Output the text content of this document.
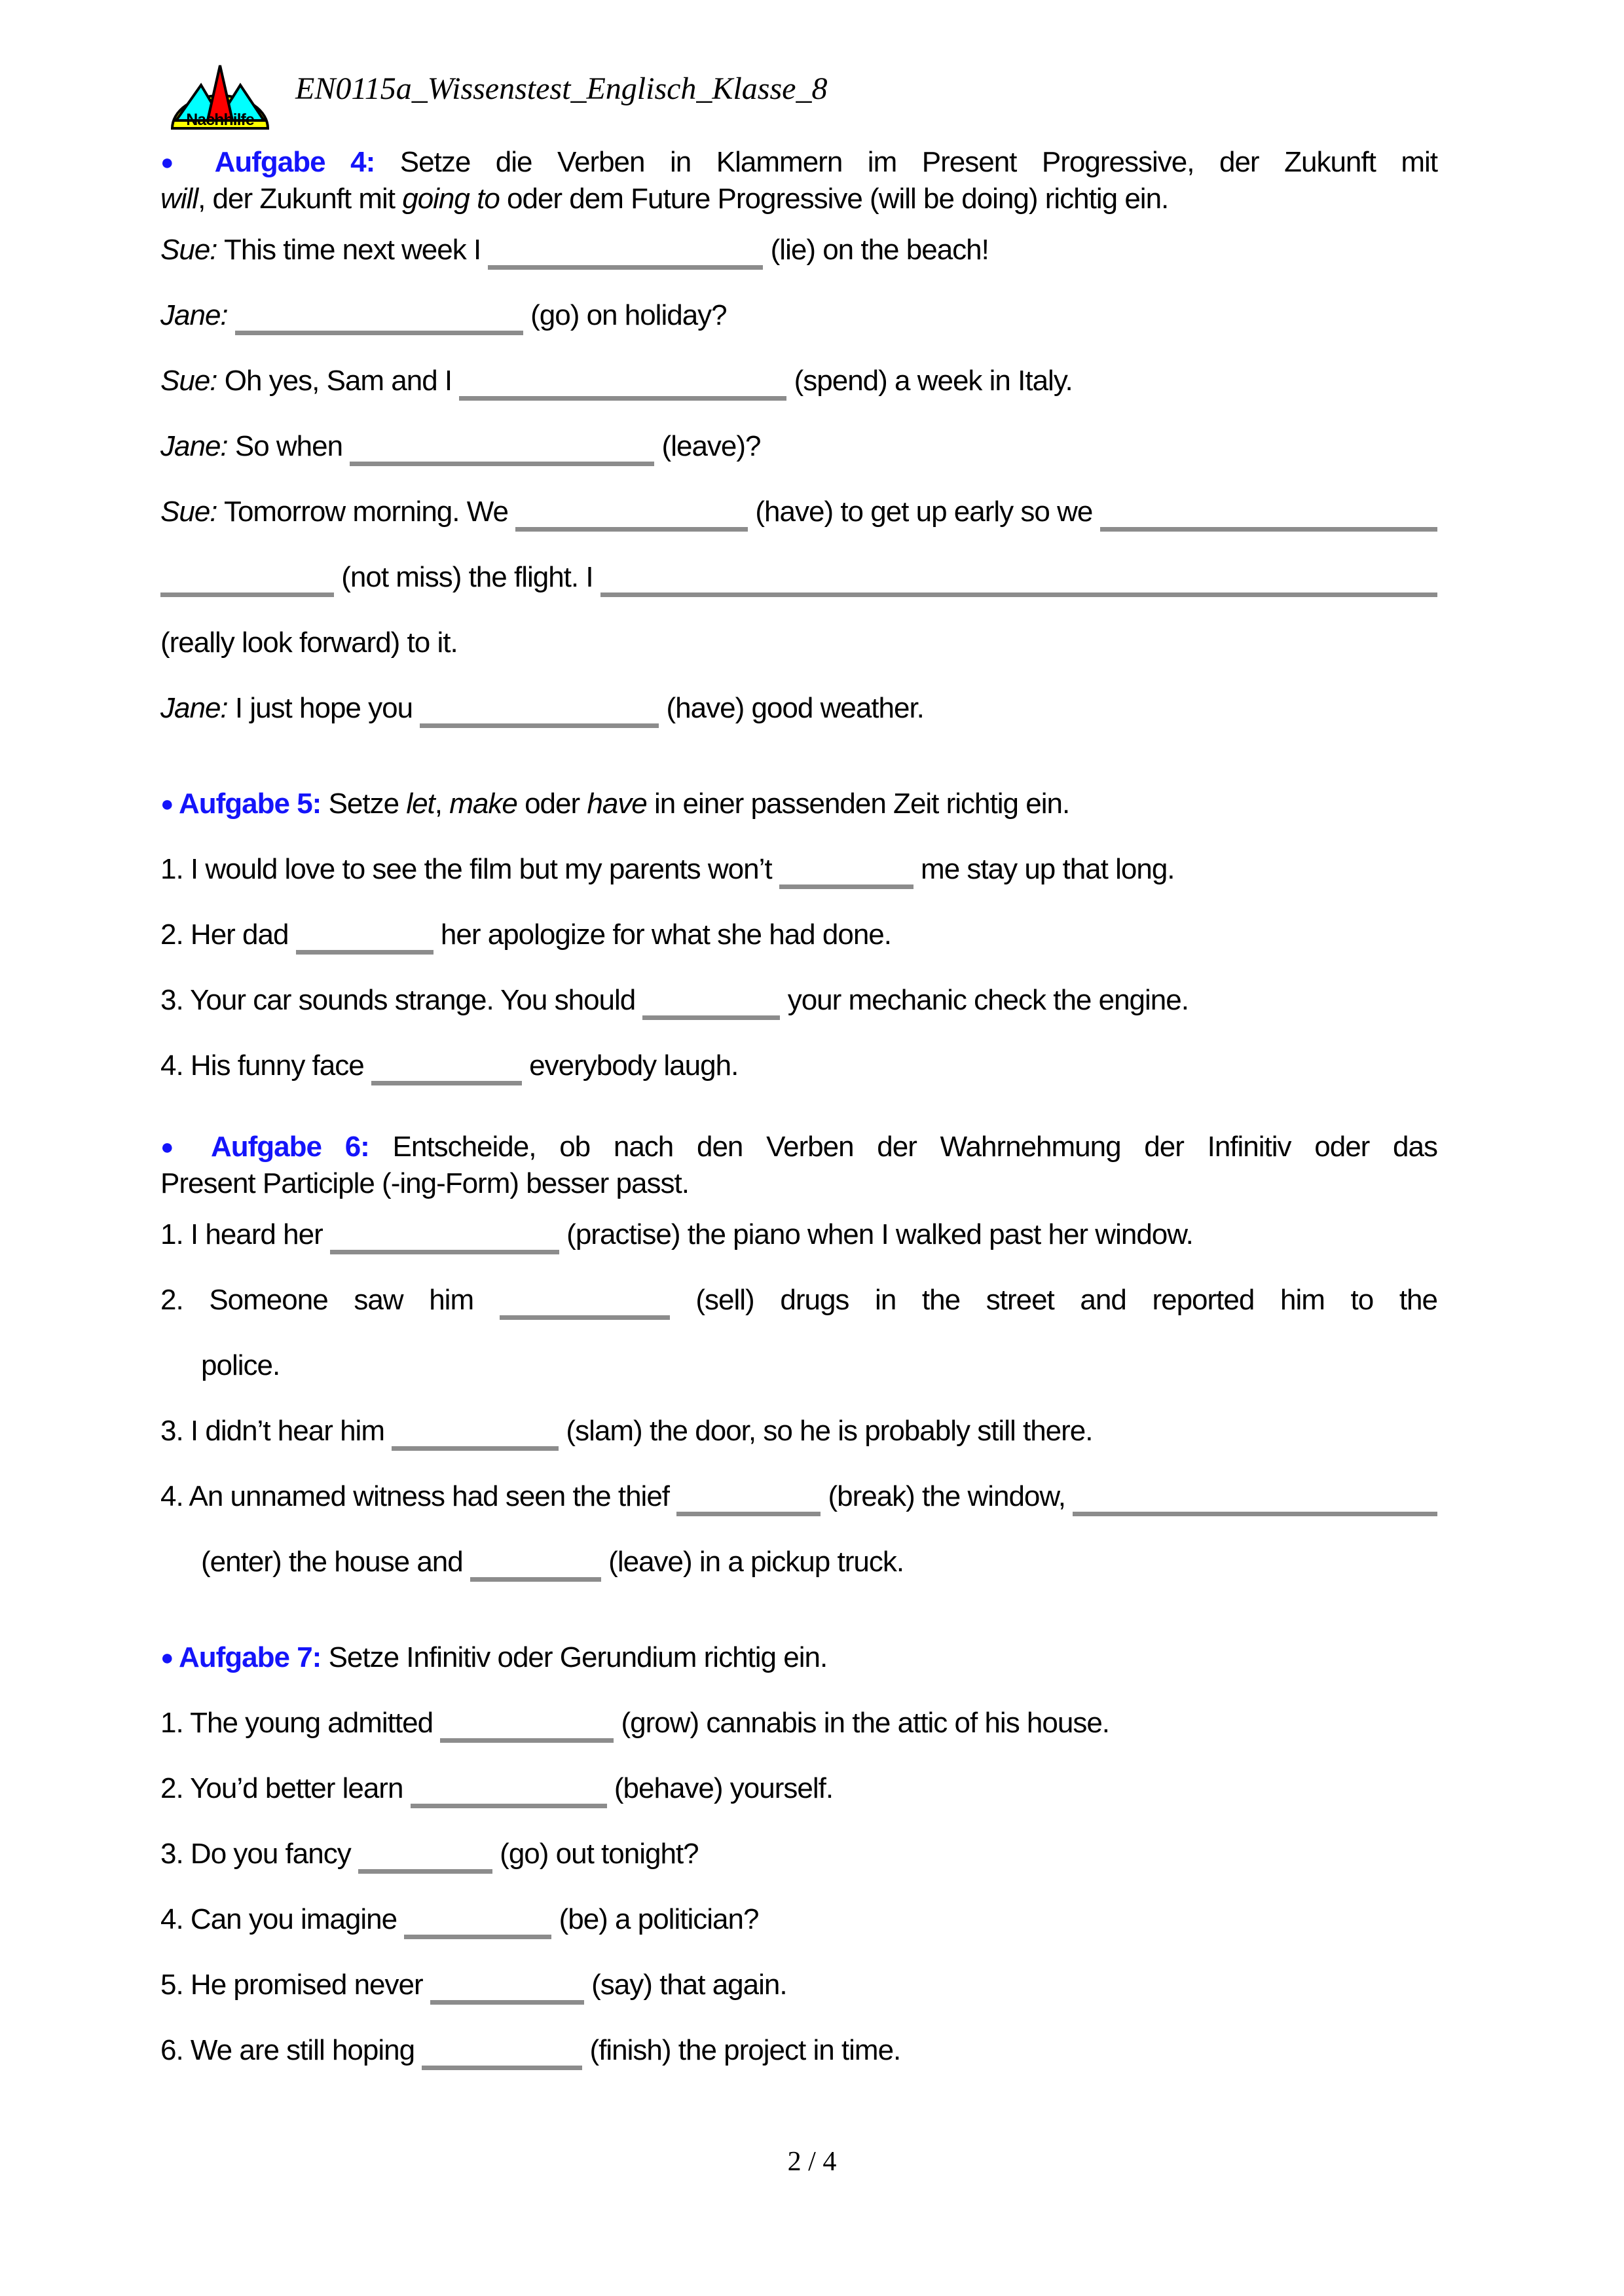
Nachhilfe
EN0115a_Wissenstest_Englisch_Klasse_8
● Aufgabe 4: Setze die Verben in Klammern im Present Progressive, der Zukunft mit
will, der Zukunft mit going to oder dem Future Progressive (will be doing) richtig ein.
Sue: This time next week I	(lie) on the beach!
Jane:	(go) on holiday?
Sue: Oh yes, Sam and I	(spend) a week in Italy.
Jane: So when	(leave)?
Sue: Tomorrow morning. We	(have) to get up early so we
(not miss) the flight. I
(really look forward) to it.
Jane: I just hope you	(have) good weather.
● Aufgabe 5: Setze let, make oder have in einer passenden Zeit richtig ein.
1. I would love to see the film but my parents won’t	me stay up that long.
2. Her dad	her apologize for what she had done.
3. Your car sounds strange. You should	your mechanic check the engine.
4. His funny face	everybody laugh.
● Aufgabe 6: Entscheide, ob nach den Verben der Wahrnehmung der Infinitiv oder das
Present Participle (-ing-Form) besser passt.
1. I heard her	(practise) the piano when I walked past her window.
2. Someone saw him	(sell) drugs in the street and reported him to the
police.
3. I didn’t hear him	(slam) the door, so he is probably still there.
4. An unnamed witness had seen the thief	(break) the window,
(enter) the house and	(leave) in a pickup truck.
● Aufgabe 7: Setze Infinitiv oder Gerundium richtig ein.
1. The young admitted	(grow) cannabis in the attic of his house.
2. You’d better learn	(behave) yourself.
3. Do you fancy	(go) out tonight?
4. Can you imagine	(be) a politician?
5. He promised never	(say) that again.
6. We are still hoping	(finish) the project in time.
2 / 4
